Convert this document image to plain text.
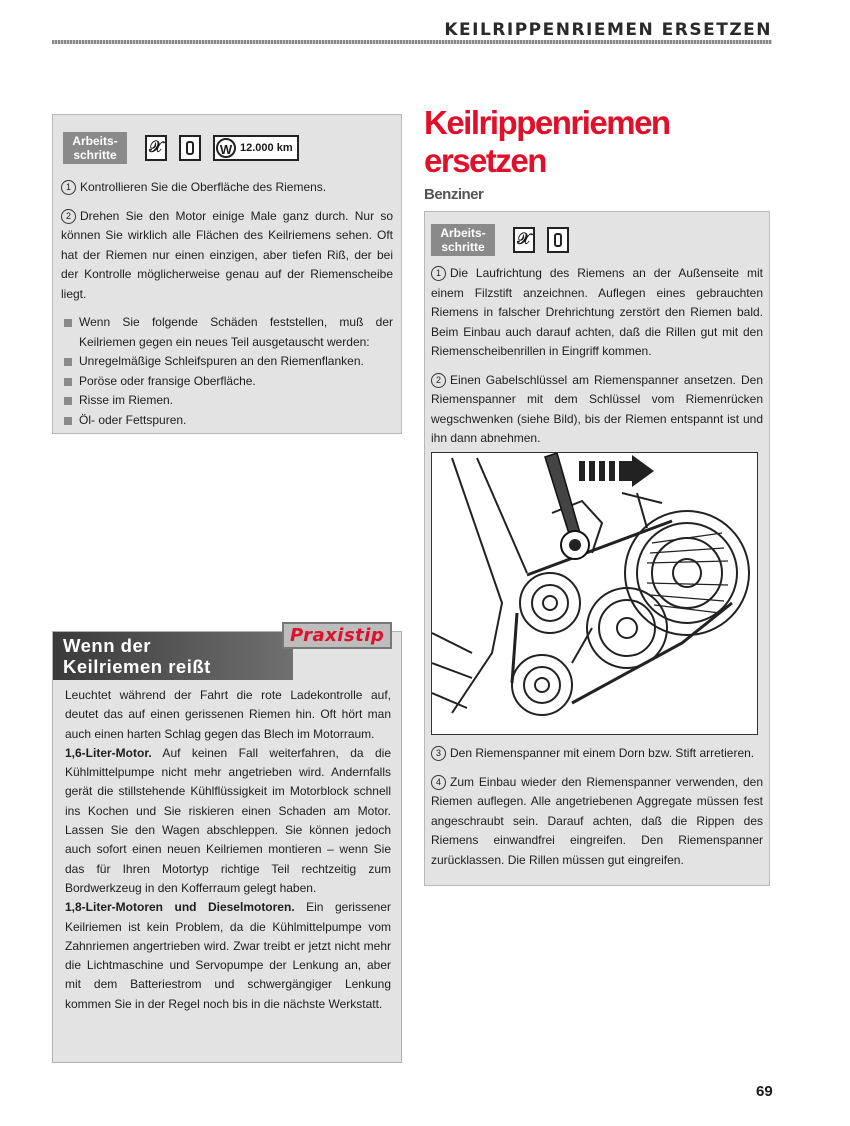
KEILRIPPENRIEMEN ERSETZEN
Arbeits-
schritte 𝒳	W 12.000 km

1 Kontrollieren Sie die Oberfläche des Riemens.

2 Drehen Sie den Motor einige Male ganz durch. Nur so können Sie wirklich alle Flächen des Keilriemens sehen. Oft hat der Riemen nur einen einzigen, aber tiefen Riß, der bei der Kontrolle möglicherweise genau auf der Riemenscheibe liegt.

Wenn Sie folgende Schäden feststellen, muß der Keilriemen gegen ein neues Teil ausgetauscht werden:
Unregelmäßige Schleifspuren an den Riemenflanken.
Poröse oder fransige Oberfläche.
Risse im Riemen.
Öl- oder Fettspuren.
Keilrippenriemen
ersetzen
Benziner
Arbeits-
schritte 𝒳

1 Die Laufrichtung des Riemens an der Außenseite mit einem Filzstift anzeichnen. Auflegen eines gebrauchten Riemens in falscher Drehrichtung zerstört den Riemen bald. Beim Einbau auch darauf achten, daß die Rillen gut mit den Riemenscheibenrillen in Eingriff kommen.

2 Einen Gabelschlüssel am Riemenspanner ansetzen. Den Riemenspanner mit dem Schlüssel vom Riemenrücken wegschwenken (siehe Bild), bis der Riemen entspannt ist und ihn dann abnehmen.

3 Den Riemenspanner mit einem Dorn bzw. Stift arretieren.

4 Zum Einbau wieder den Riemenspanner verwenden, den Riemen auflegen. Alle angetriebenen Aggregate müssen fest angeschraubt sein. Darauf achten, daß die Rippen des Riemens einwandfrei eingreifen. Den Riemenspanner zurücklassen. Die Rillen müssen gut eingreifen.

Wenn der
Keilriemen reißt

Leuchtet während der Fahrt die rote Ladekontrolle auf, deutet das auf einen gerissenen Riemen hin. Oft hört man auch einen harten Schlag gegen das Blech im Motorraum.

1,6-Liter-Motor. Auf keinen Fall weiterfahren, da die Kühlmittelpumpe nicht mehr angetrieben wird. Andernfalls gerät die stillstehende Kühlflüssigkeit im Motorblock schnell ins Kochen und Sie riskieren einen Schaden am Motor. Lassen Sie den Wagen abschleppen. Sie können jedoch auch sofort einen neuen Keilriemen montieren – wenn Sie das für Ihren Motortyp richtige Teil rechtzeitig zum Bordwerkzeug in den Kofferraum gelegt haben.

1,8-Liter-Motoren und Dieselmotoren. Ein gerissener Keilriemen ist kein Problem, da die Kühlmittelpumpe vom Zahnriemen angertrieben wird. Zwar treibt er jetzt nicht mehr die Lichtmaschine und Servopumpe der Lenkung an, aber mit dem Batteriestrom und schwergängiger Lenkung kommen Sie in der Regel noch bis in die nächste Werkstatt.

Praxistip
69
